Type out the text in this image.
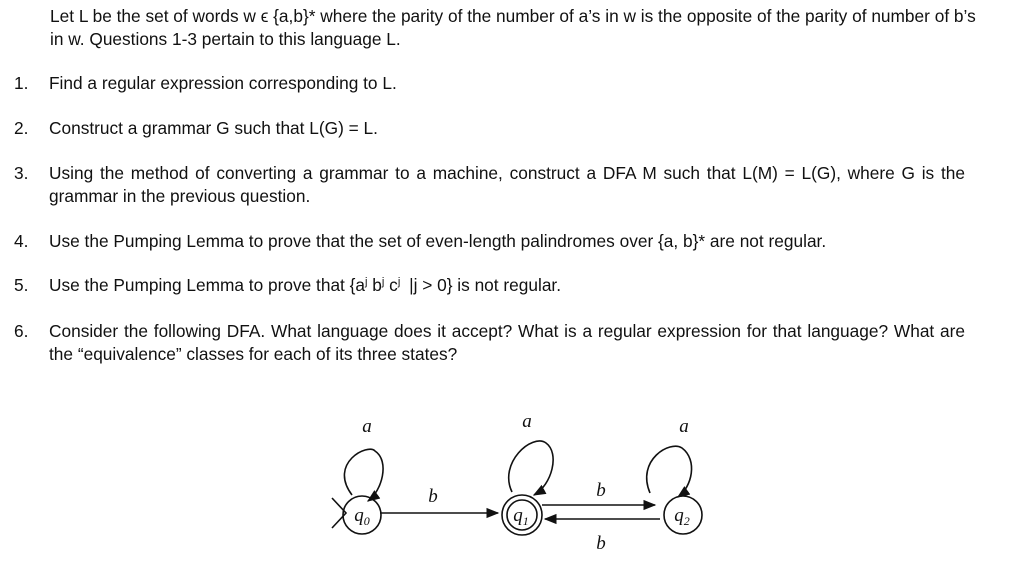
Let L be the set of words w ϵ {a,b}* where the parity of the number of a’s in w is the opposite of the parity of number of b’s in w. Questions 1-3 pertain to this language L.
1. Find a regular expression corresponding to L.
2. Construct a grammar G such that L(G) = L.
3. Using the method of converting a grammar to a machine, construct a DFA M such that L(M) = L(G), where G is the grammar in the previous question.
4. Use the Pumping Lemma to prove that the set of even-length palindromes over {a, b}* are not regular.
5. Use the Pumping Lemma to prove that {$a^j$ $b^j$ $c^j$ |j > 0} is not regular.
6. Consider the following DFA. What language does it accept? What is a regular expression for that language? What are the “equivalence” classes for each of its three states?
$q_0$	$q_1$	$q_2$
a
b
a
b
a
b
